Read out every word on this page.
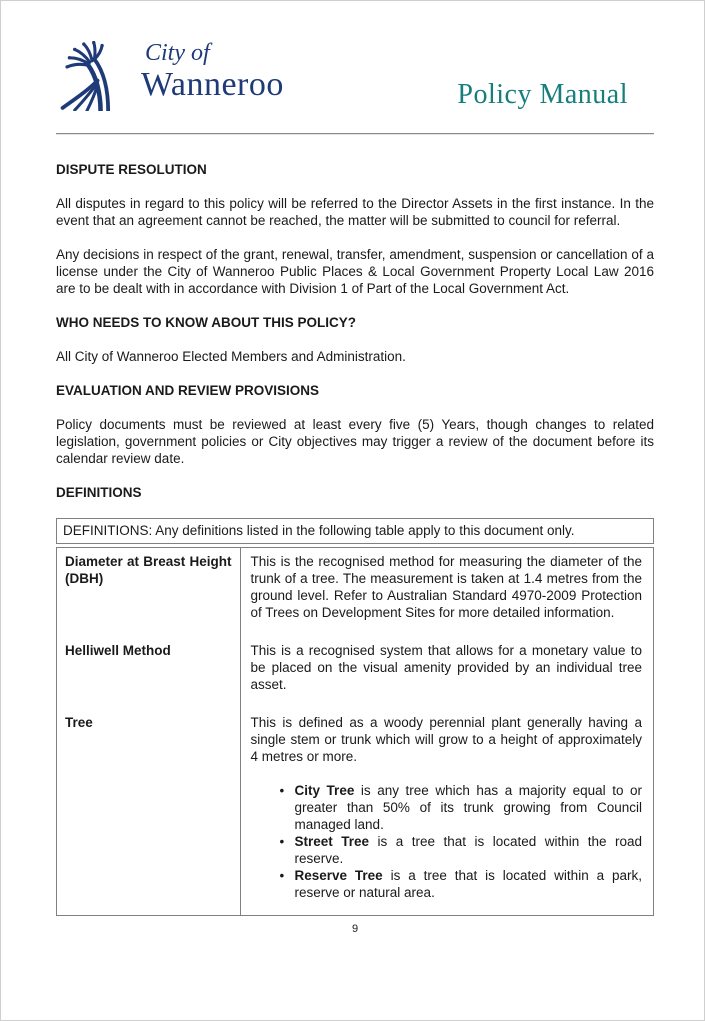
City of
Wanneroo	Policy Manual
DISPUTE RESOLUTION

All disputes in regard to this policy will be referred to the Director Assets in the first instance. In the event that an agreement cannot be reached, the matter will be submitted to council for referral.

Any decisions in respect of the grant, renewal, transfer, amendment, suspension or cancellation of a license under the City of Wanneroo Public Places & Local Government Property Local Law 2016 are to be dealt with in accordance with Division 1 of Part of the Local Government Act.

WHO NEEDS TO KNOW ABOUT THIS POLICY?

All City of Wanneroo Elected Members and Administration.

EVALUATION AND REVIEW PROVISIONS

Policy documents must be reviewed at least every five (5) Years, though changes to related legislation, government policies or City objectives may trigger a review of the document before its calendar review date.

DEFINITIONS
DEFINITIONS: Any definitions listed in the following table apply to this document only.
Diameter at Breast Height (DBH)	This is the recognised method for measuring the diameter of the trunk of a tree. The measurement is taken at 1.4 metres from the ground level. Refer to Australian Standard 4970-2009 Protection of Trees on Development Sites for more detailed information.
Helliwell Method	This is a recognised system that allows for a monetary value to be placed on the visual amenity provided by an individual tree asset.
Tree	This is defined as a woody perennial plant generally having a single stem or trunk which will grow to a height of approximately 4 metres or more.
• City Tree is any tree which has a majority equal to or greater than 50% of its trunk growing from Council managed land.
• Street Tree is a tree that is located within the road reserve.
• Reserve Tree is a tree that is located within a park, reserve or natural area.
9
